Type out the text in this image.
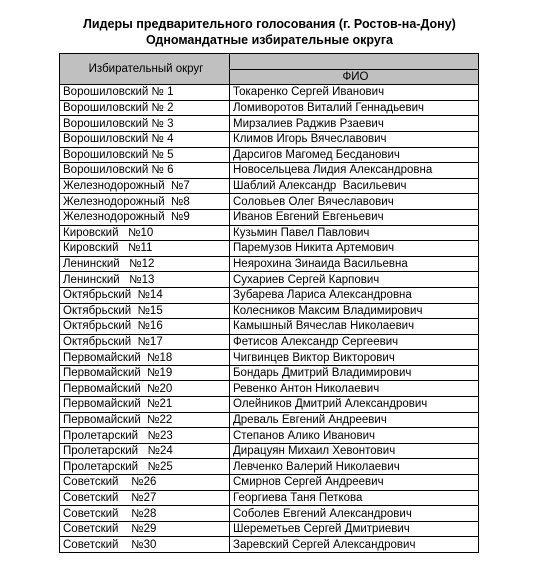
Лидеры предварительного голосования (г. Ростов-на-Дону)
Одномандатные избирательные округа
Избирательный округ	
	ФИО
Ворошиловский № 1	Токаренко Сергей Иванович
Ворошиловский № 2	Ломиворотов Виталий Геннадьевич
Ворошиловский № 3	Мирзалиев Раджив Рзаевич
Ворошиловский № 4	Климов Игорь Вячеславович
Ворошиловский № 5	Дарсигов Магомед Бесданович
Ворошиловский № 6	Новосельцева Лидия Александровна
Железнодорожный  №7	Шаблий Александр  Васильевич
Железнодорожный  №8	Соловьев Олег Вячеславович
Железнодорожный  №9	Иванов Евгений Евгеньевич
Кировский   №10	Кузьмин Павел Павлович
Кировский   №11	Паремузов Никита Артемович
Ленинский   №12	Неярохина Зинаида Васильевна
Ленинский   №13	Сухариев Сергей Карпович
Октябрьский  №14	Зубарева Лариса Александровна
Октябрьский  №15	Колесников Максим Владимирович
Октябрьский  №16	Камышный Вячеслав Николаевич
Октябрьский  №17	Фетисов Александр Сергеевич
Первомайский  №18	Чигвинцев Виктор Викторович
Первомайский  №19	Бондарь Дмитрий Владимирович
Первомайский  №20	Ревенко Антон Николаевич
Первомайский  №21	Олейников Дмитрий Александрович
Первомайский  №22	Древаль Евгений Андреевич
Пролетарский   №23	Степанов Алико Иванович
Пролетарский   №24	Дирацуян Михаил Хевонтович
Пролетарский   №25	Левченко Валерий Николаевич
Советский    №26	Смирнов Сергей Андреевич
Советский    №27	Георгиева Таня Петкова
Советский    №28	Соболев Евгений Александрович
Советский    №29	Шереметьев Сергей Дмитриевич
Советский    №30	Заревский Сергей Александрович
